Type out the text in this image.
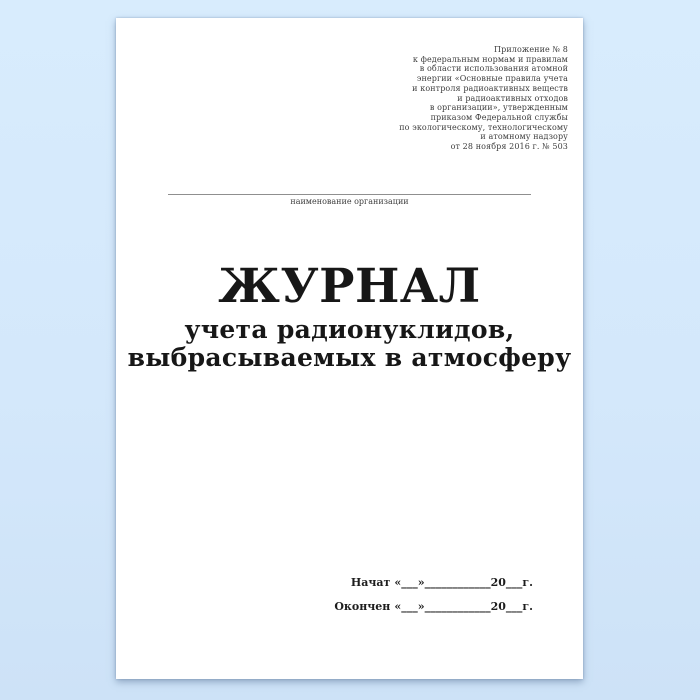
Приложение № 8
к федеральным нормам и правилам
в области использования атомной
энергии «Основные правила учета
и контроля радиоактивных веществ
и радиоактивных отходов
в организации», утвержденным
приказом Федеральной службы
по экологическому, технологическому
и атомному надзору
от 28 ноября 2016 г. № 503
наименование организации
ЖУРНАЛ
учета радионуклидов,
выбрасываемых в атмосферу
Начат «___»____________20___г.
Окончен «___»____________20___г.
